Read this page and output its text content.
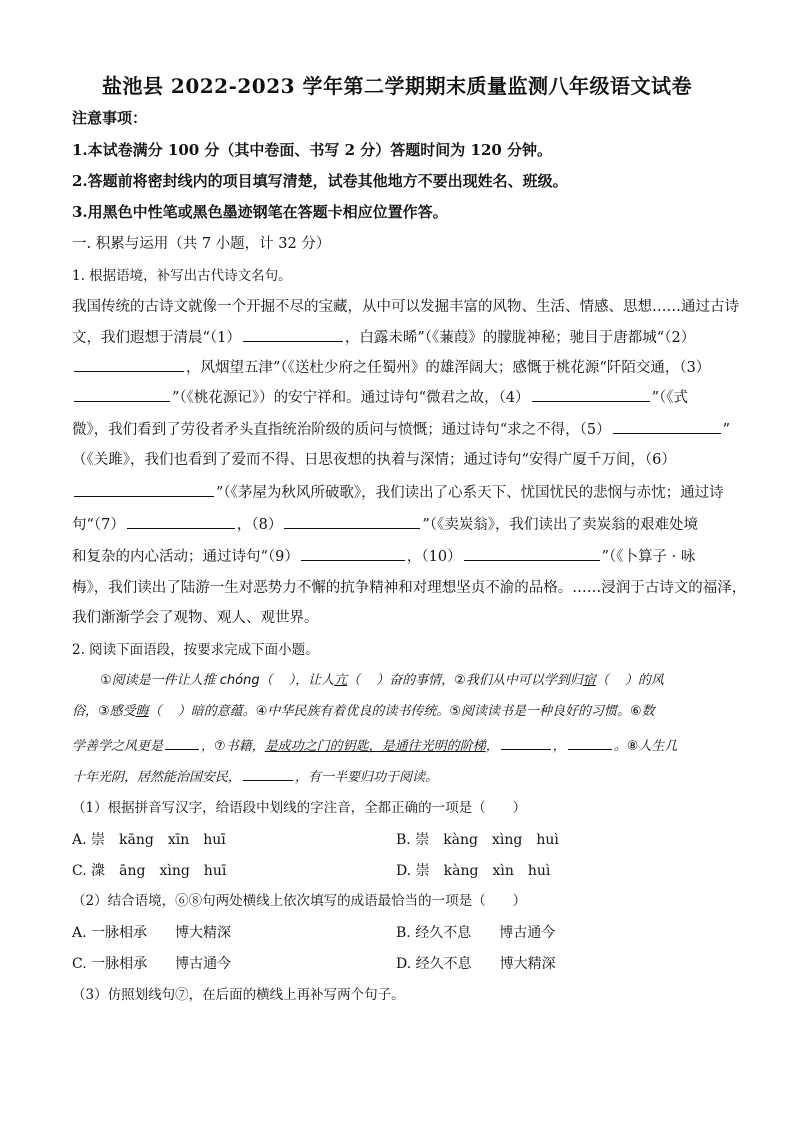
盐池县 2022-2023 学年第二学期期末质量监测八年级语文试卷
注意事项：
1.本试卷满分 100 分（其中卷面、书写 2 分）答题时间为 120 分钟。
2.答题前将密封线内的项目填写清楚，试卷其他地方不要出现姓名、班级。
3.用黑色中性笔或黑色墨迹钢笔在答题卡相应位置作答。
一. 积累与运用（共 7 小题，计 32 分）
1. 根据语境，补写出古代诗文名句。
我国传统的古诗文就像一个开掘不尽的宝藏，从中可以发掘丰富的风物、生活、情感、思想……通过古诗
文，我们遐想于清晨“（1）	，白露未晞”（《蒹葭》的朦胧神秘；驰目于唐都城“（2）
，风烟望五津”（《送杜少府之任蜀州》的雄浑阔大；感慨于桃花源“阡陌交通，（3）
”（《桃花源记》）的安宁祥和。通过诗句“微君之故，（4）	”（《式
微》，我们看到了劳役者矛头直指统治阶级的质问与愤慨；通过诗句“求之不得，（5）	”
（《关雎》，我们也看到了爱而不得、日思夜想的执着与深情；通过诗句“安得广厦千万间，（6）
”（《茅屋为秋风所破歌》，我们读出了心系天下、忧国忧民的悲悯与赤忱；通过诗
句“（7）	，（8）	”（《卖炭翁》，我们读出了卖炭翁的艰难处境
和复杂的内心活动；通过诗句“（9）	，（10）	”（《卜算子 · 咏
梅》，我们读出了陆游一生对恶势力不懈的抗争精神和对理想坚贞不渝的品格。……浸润于古诗文的福泽，
我们渐渐学会了观物、观人、观世界。
2. 阅读下面语段，按要求完成下面小题。
①阅读是一件让人推 chóng（ ），让人亢（ ）奋的事情，②我们从中可以学到归宿（ ）的风
俗，③感受晦（ ）暗的意蕴。④中华民族有着优良的读书传统。⑤阅读读书是一种良好的习惯。⑥数
学善学之风更是	，⑦书籍，是成功之门的钥匙，是通往光明的阶梯，	，	。⑧人生几
十年光阴，居然能治国安民，	，有一半要归功于阅读。
（1）根据拼音写汉字，给语段中划线的字注音，全都正确的一项是（　　）
A. 崇　kāng　xīn　huī	B. 崇　kàng　xìng　huì
C. 潨　āng　xìng　huī	D. 崇　kàng　xìn　huì
（2）结合语境，⑥⑧句两处横线上依次填写的成语最恰当的一项是（　　）
A. 一脉相承　　博大精深	B. 经久不息　　博古通今
C. 一脉相承　　博古通今	D. 经久不息　　博大精深
（3）仿照划线句⑦，在后面的横线上再补写两个句子。
